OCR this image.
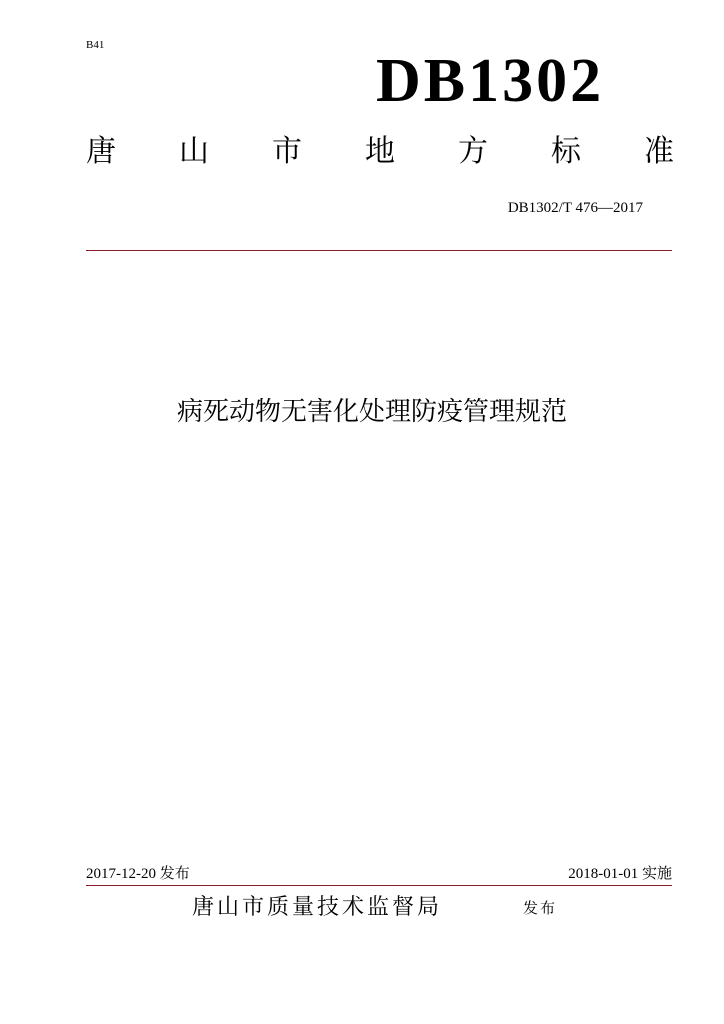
B41
DB1302
唐 山 市 地 方 标 准
DB1302/T 476—2017
病死动物无害化处理防疫管理规范
2017-12-20 发布	2018-01-01 实施
唐山市质量技术监督局	发布
